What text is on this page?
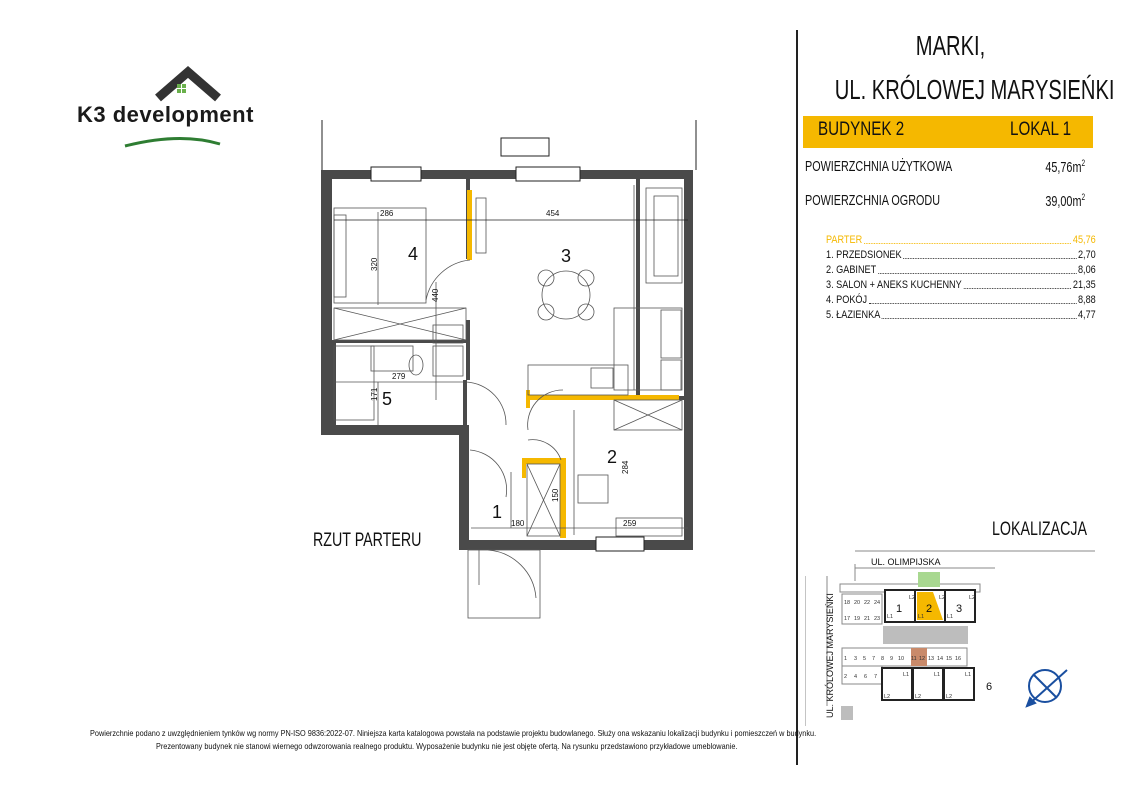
K3 development
MARKI,
UL. KRÓLOWEJ MARYSIEŃKI
BUDYNEK 2	LOKAL 1
POWIERZCHNIA UŻYTKOWA	$45,76m^2$
POWIERZCHNIA OGRODU	$39,00m^2$
PARTER	45,76
1. PRZEDSIONEK	2,70
2. GABINET	8,06
3. SALON + ANEKS KUCHENNY	21,35
4. POKÓJ	8,88
5. ŁAZIENKA	4,77
1
2
3
4
5
286	454
320
440
279
171
284
150
180	259
RZUT PARTERU
LOKALIZACJA
UL. OLIMPIJSKA
UL. KRÓLOWEJ MARYSIEŃKI 18 20 22 24
17 19 21 23
1 2 3
6
L2
L1	L1
L2	L2
L1
1 3 5 7 8 9 10 11 12 13 14 15 16
2 4 6 7	L1
L2
L1
L2
L1
L2
Powierzchnie podano z uwzględnieniem tynków wg normy PN-ISO 9836:2022-07. Niniejsza karta katalogowa powstała na podstawie projektu budowlanego. Służy ona wskazaniu lokalizacji budynku i pomieszczeń w budynku.
Prezentowany budynek nie stanowi wiernego odwzorowania realnego produktu. Wyposażenie budynku nie jest objęte ofertą. Na rysunku przedstawiono przykładowe umeblowanie.
